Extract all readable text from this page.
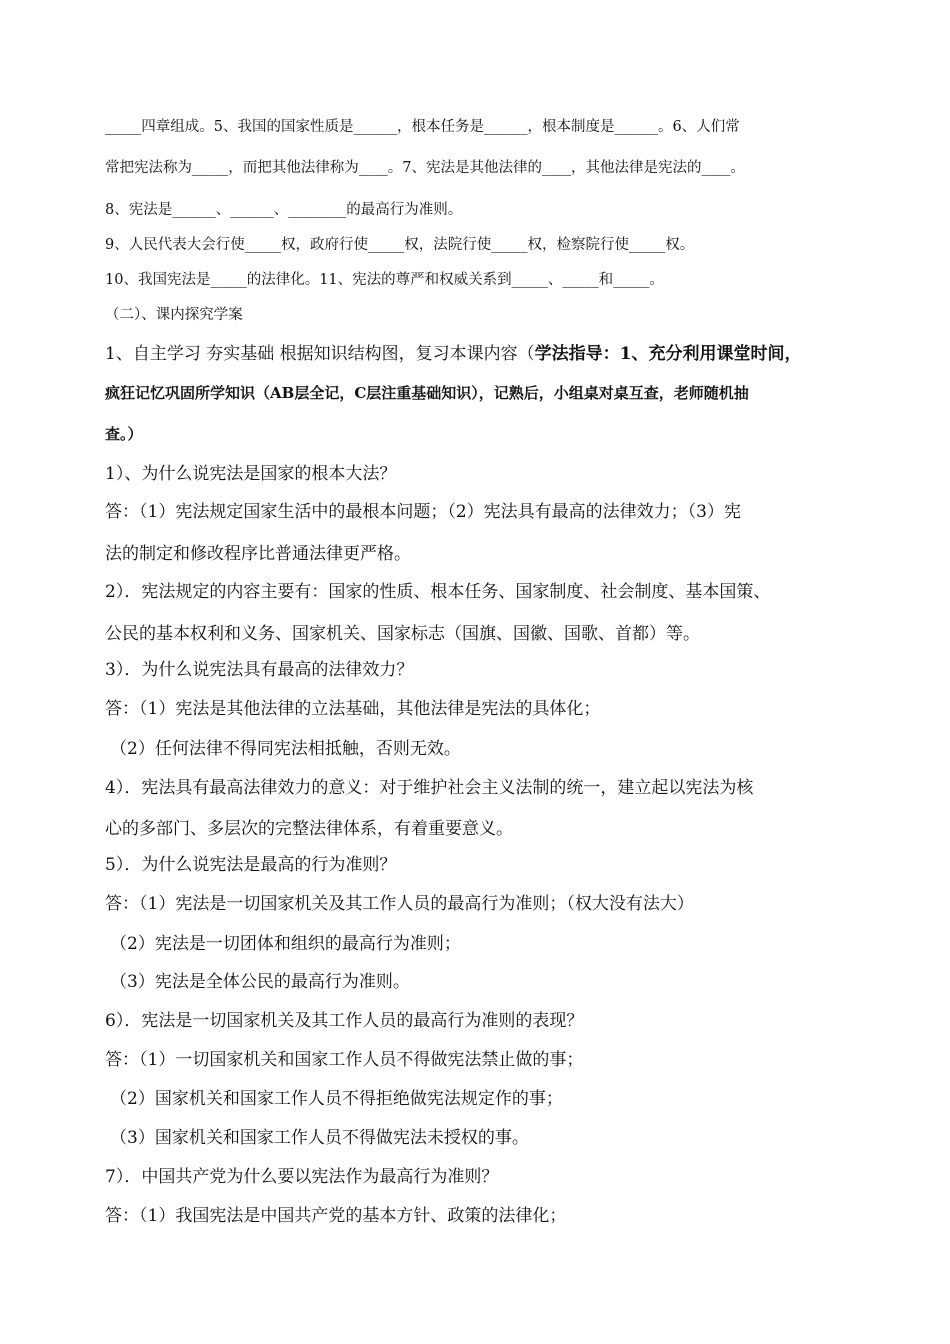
_____四章组成。5、我国的国家性质是______，根本任务是______，根本制度是______。6、人们常
常把宪法称为_____，而把其他法律称为____。7、宪法是其他法律的____，其他法律是宪法的____。
8、宪法是______、______、________的最高行为准则。
9、人民代表大会行使_____权，政府行使_____权，法院行使_____权，检察院行使_____权。
10、我国宪法是_____的法律化。11、宪法的尊严和权威关系到_____、_____和_____。
（二）、课内探究学案
1、自主学习 夯实基础 根据知识结构图，复习本课内容（学法指导：1、充分利用课堂时间，
疯狂记忆巩固所学知识（AB层全记，C层注重基础知识），记熟后，小组桌对桌互查，老师随机抽
查。）
1）、为什么说宪法是国家的根本大法？
答：（1）宪法规定国家生活中的最根本问题；（2）宪法具有最高的法律效力；（3）宪
法的制定和修改程序比普通法律更严格。
2）．宪法规定的内容主要有：国家的性质、根本任务、国家制度、社会制度、基本国策、
公民的基本权利和义务、国家机关、国家标志（国旗、国徽、国歌、首都）等。
3）．为什么说宪法具有最高的法律效力？
答：（1）宪法是其他法律的立法基础，其他法律是宪法的具体化；
（2）任何法律不得同宪法相抵触，否则无效。
4）．宪法具有最高法律效力的意义：对于维护社会主义法制的统一，建立起以宪法为核
心的多部门、多层次的完整法律体系，有着重要意义。
5）．为什么说宪法是最高的行为准则？
答：（1）宪法是一切国家机关及其工作人员的最高行为准则；（权大没有法大）
（2）宪法是一切团体和组织的最高行为准则；
（3）宪法是全体公民的最高行为准则。
6）．宪法是一切国家机关及其工作人员的最高行为准则的表现？
答：（1）一切国家机关和国家工作人员不得做宪法禁止做的事；
（2）国家机关和国家工作人员不得拒绝做宪法规定作的事；
（3）国家机关和国家工作人员不得做宪法未授权的事。
7）．中国共产党为什么要以宪法作为最高行为准则？
答：（1）我国宪法是中国共产党的基本方针、政策的法律化；
